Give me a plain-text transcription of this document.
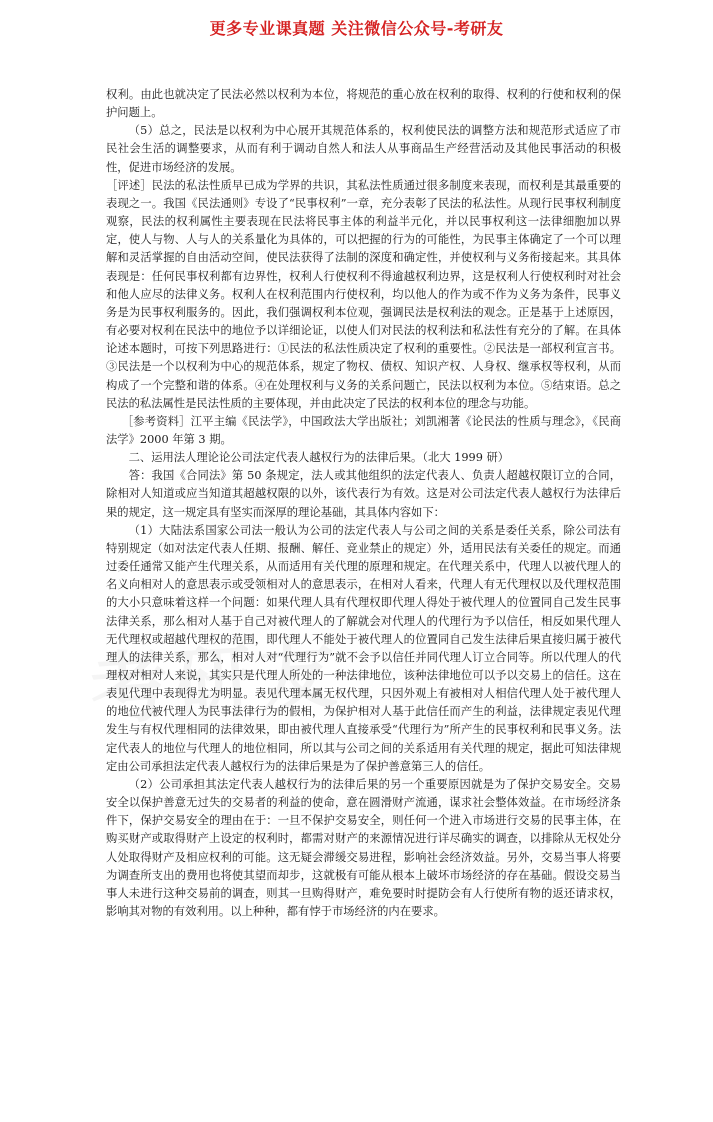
更多专业课真题 关注微信公众号-考研友

权利。由此也就决定了民法必然以权利为本位，将规范的重心放在权利的取得、权利的行使和权利的保护问题上。

（5）总之，民法是以权利为中心展开其规范体系的，权利使民法的调整方法和规范形式适应了市民社会生活的调整要求，从而有利于调动自然人和法人从事商品生产经营活动及其他民事活动的积极性，促进市场经济的发展。

［评述］民法的私法性质早已成为学界的共识，其私法性质通过很多制度来表现，而权利是其最重要的表现之一。我国《民法通则》专设了“民事权利”一章，充分表彰了民法的私法性。从现行民事权利制度观察，民法的权利属性主要表现在民法将民事主体的利益半元化，并以民事权利这一法律细胞加以界定，使人与物、人与人的关系量化为具体的，可以把握的行为的可能性，为民事主体确定了一个可以理解和灵活掌握的自由活动空间，使民法获得了法制的深度和确定性，并使权利与义务衔接起来。其具体表现是：任何民事权利都有边界性，权利人行使权利不得逾越权利边界，这是权利人行使权利时对社会和他人应尽的法律义务。权利人在权利范围内行使权利，均以他人的作为或不作为义务为条件，民事义务是为民事权利服务的。因此，我们强调权利本位观，强调民法是权利法的观念。正是基于上述原因，有必要对权利在民法中的地位予以详细论证，以使人们对民法的权利法和私法性有充分的了解。在具体论述本题时，可按下列思路进行：①民法的私法性质决定了权利的重要性。②民法是一部权利宣言书。③民法是一个以权利为中心的规范体系，规定了物权、债权、知识产权、人身权、继承权等权利，从而构成了一个完整和谐的体系。④在处理权利与义务的关系问题亡，民法以权利为本位。⑤结束语。总之民法的私法属性是民法性质的主要体现，并由此决定了民法的权利本位的理念与功能。

［参考资料］江平主编《民法学》，中国政法大学出版社；刘凯湘著《论民法的性质与理念》，《民商法学》2000 年第 3 期。

二、运用法人理论论公司法定代表人越权行为的法律后果。（北大 1999 研）

答：我国《合同法》第 50 条规定，法人或其他组织的法定代表人、负责人超越权限订立的合同，除相对人知道或应当知道其超越权限的以外，该代表行为有效。这是对公司法定代表人越权行为法律后果的规定，这一规定具有坚实而深厚的理论基础，其具体内容如下：

（1）大陆法系国家公司法一般认为公司的法定代表人与公司之间的关系是委任关系，除公司法有特别规定（如对法定代表人任期、报酬、解任、竞业禁止的规定）外，适用民法有关委任的规定。而通过委任通常又能产生代理关系，从而适用有关代理的原理和规定。在代理关系中，代理人以被代理人的名义向相对人的意思表示或受领相对人的意思表示，在相对人看来，代理人有无代理权以及代理权范围的大小只意味着这样一个问题：如果代理人具有代理权即代理人得处于被代理人的位置同自己发生民事法律关系，那么相对人基于自己对被代理人的了解就会对代理人的代理行为予以信任，相反如果代理人无代理权或超越代理权的范围，即代理人不能处于被代理人的位置同自己发生法律后果直接归属于被代理人的法律关系，那么，相对人对“代理行为”就不会予以信任并同代理人订立合同等。所以代理人的代理权对相对人来说，其实只是代理人所处的一种法律地位，该种法律地位可以予以交易上的信任。这在表见代理中表现得尤为明显。表见代理本属无权代理，只因外观上有被相对人相信代理人处于被代理人的地位代被代理人为民事法律行为的假相，为保护相对人基于此信任而产生的利益，法律规定表见代理发生与有权代理相同的法律效果，即由被代理人直接承受“代理行为”所产生的民事权利和民事义务。法定代表人的地位与代理人的地位相同，所以其与公司之间的关系适用有关代理的规定，据此可知法律规定由公司承担法定代表人越权行为的法律后果是为了保护善意第三人的信任。

（2）公司承担其法定代表人越权行为的法律后果的另一个重要原因就是为了保护交易安全。交易安全以保护善意无过失的交易者的利益的使命，意在圆滑财产流通，谋求社会整体效益。在市场经济条件下，保护交易安全的理由在于：一旦不保护交易安全，则任何一个进入市场进行交易的民事主体，在购买财产或取得财产上设定的权利时，都需对财产的来源情况进行详尽确实的调查，以排除从无权处分人处取得财产及相应权利的可能。这无疑会滞缓交易进程，影响社会经济效益。另外，交易当事人将要为调查所支出的费用也将使其望而却步，这就极有可能从根本上破坏市场经济的存在基础。假设交易当事人未进行这种交易前的调查，则其一旦购得财产，难免要时时提防会有人行使所有物的返还请求权，影响其对物的有效利用。以上种种，都有悖于市场经济的内在要求。
